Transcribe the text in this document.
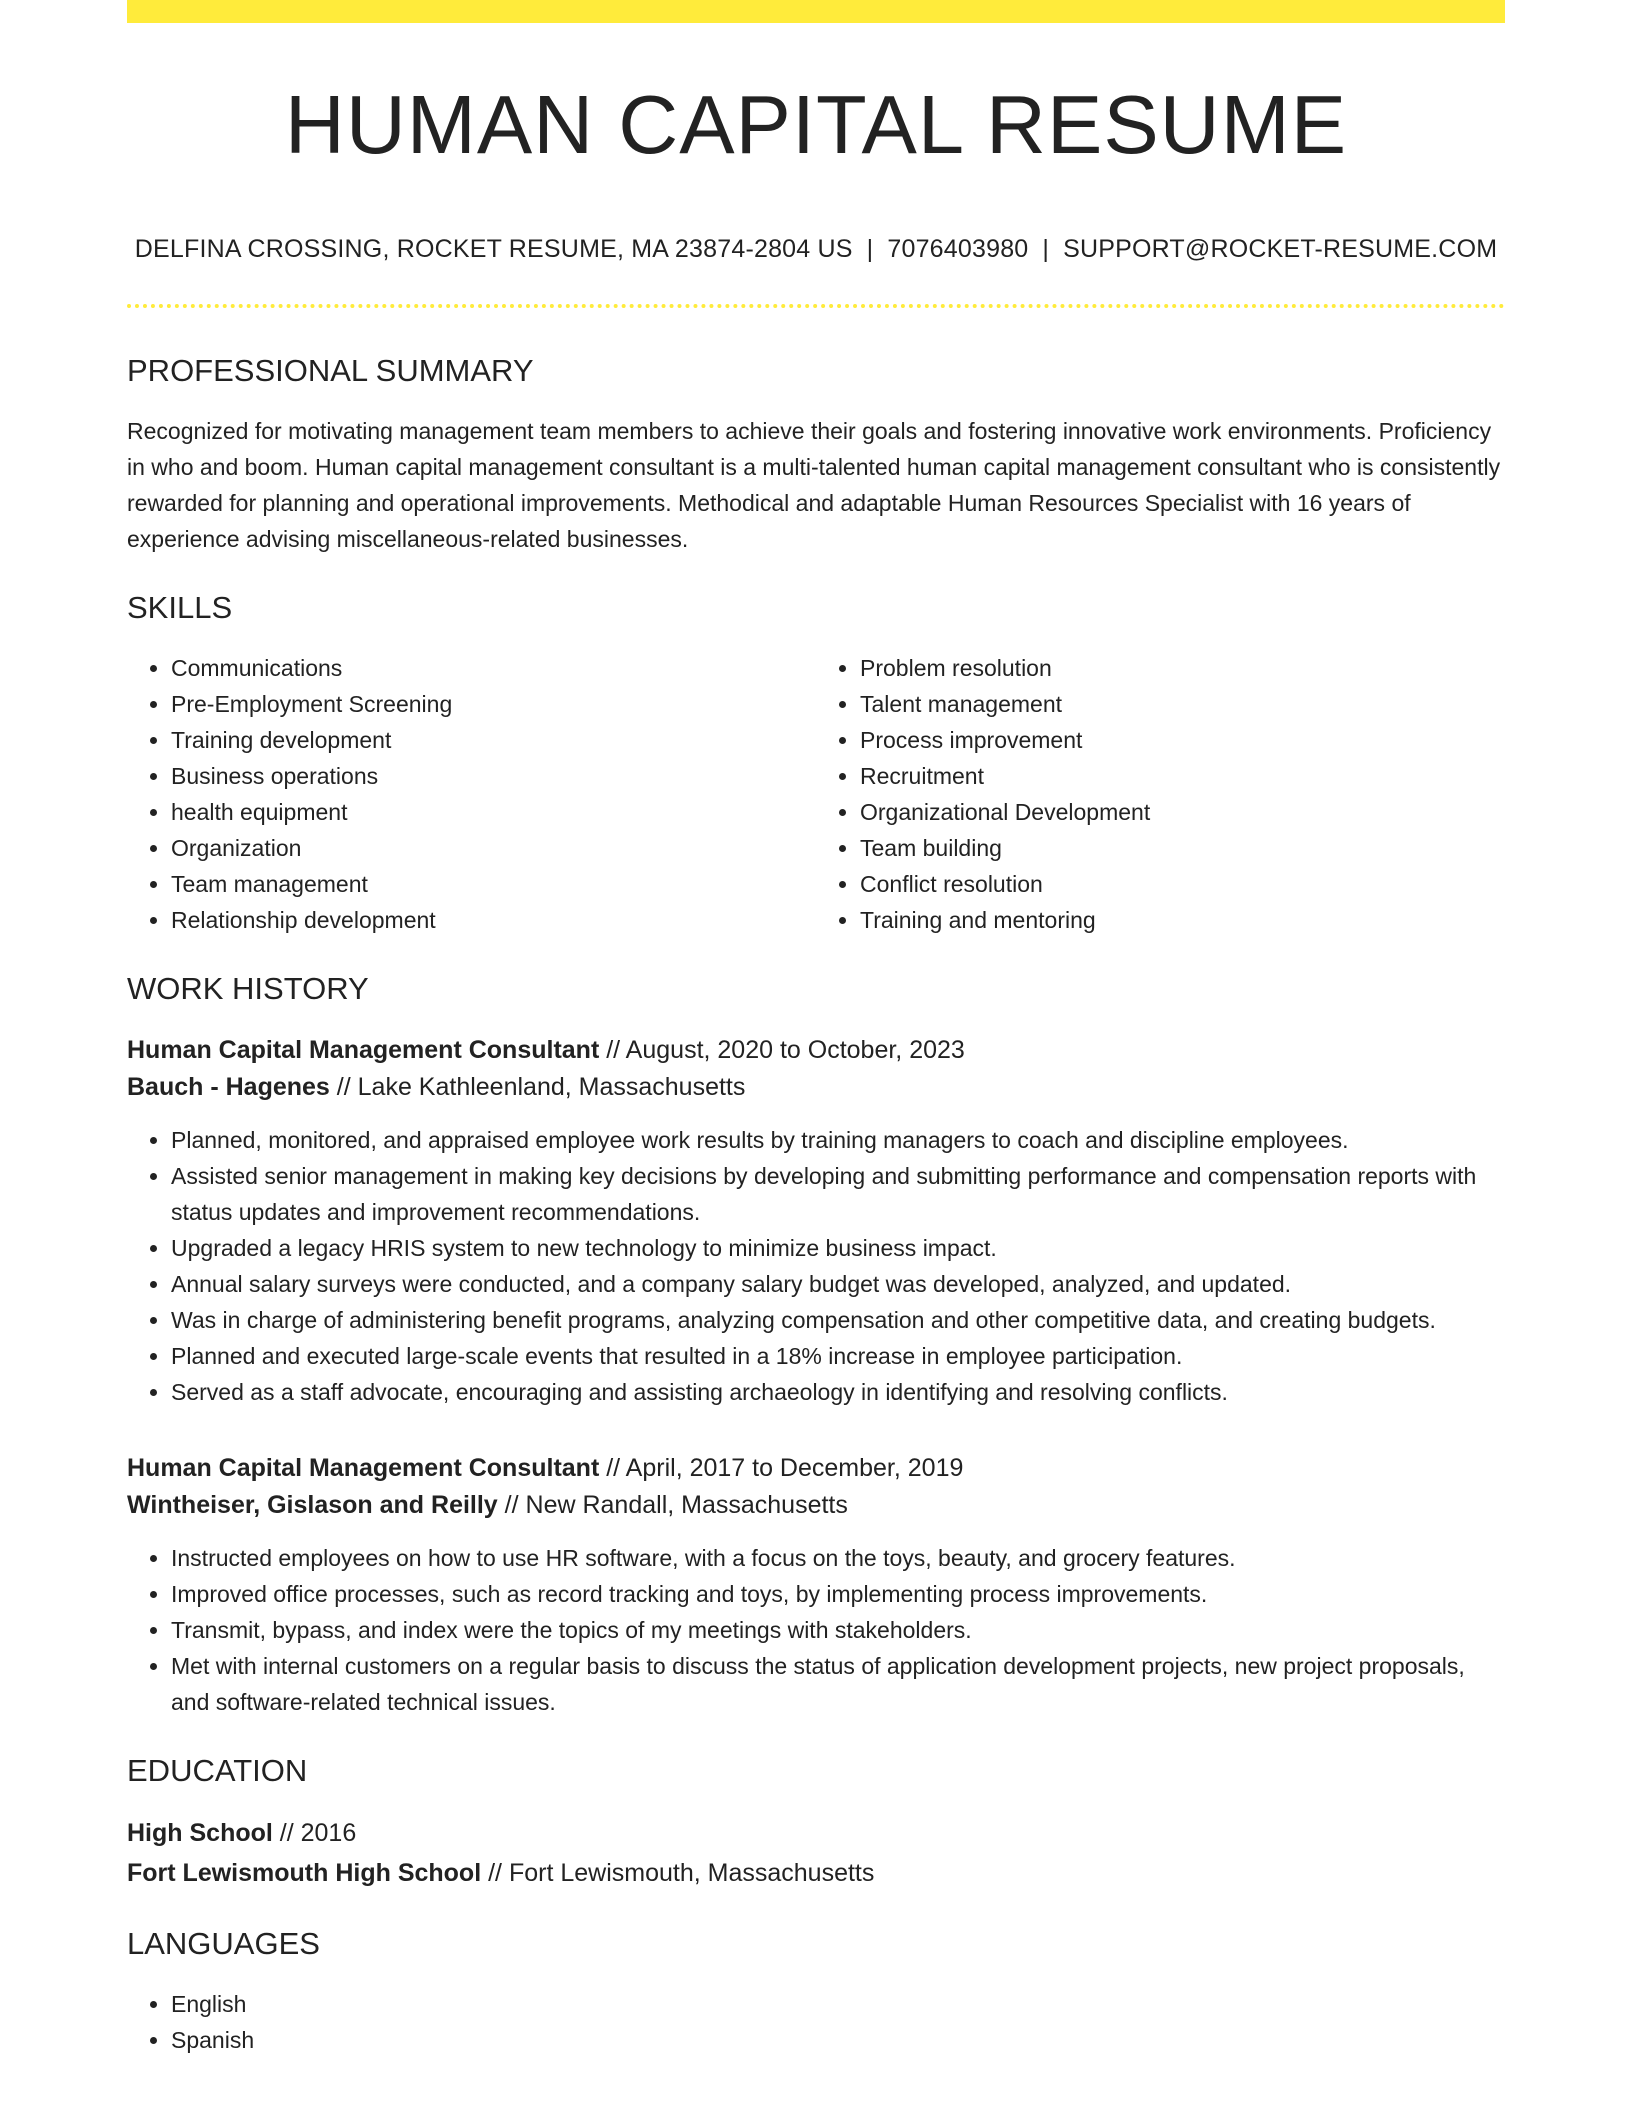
HUMAN CAPITAL RESUME
DELFINA CROSSING, ROCKET RESUME, MA 23874-2804 US | 7076403980 | SUPPORT@ROCKET-RESUME.COM
PROFESSIONAL SUMMARY

Recognized for motivating management team members to achieve their goals and fostering innovative work environments. Proficiency in who and boom. Human capital management consultant is a multi-talented human capital management consultant who is consistently rewarded for planning and operational improvements. Methodical and adaptable Human Resources Specialist with 16 years of experience advising miscellaneous-related businesses.

SKILLS
• Communications
• Pre-Employment Screening
• Training development
• Business operations
• health equipment
• Organization
• Team management
• Relationship development
• Problem resolution
• Talent management
• Process improvement
• Recruitment
• Organizational Development
• Team building
• Conflict resolution
• Training and mentoring
WORK HISTORY
Human Capital Management Consultant // August, 2020 to October, 2023
Bauch - Hagenes // Lake Kathleenland, Massachusetts
• Planned, monitored, and appraised employee work results by training managers to coach and discipline employees.
• Assisted senior management in making key decisions by developing and submitting performance and compensation reports with status updates and improvement recommendations.
• Upgraded a legacy HRIS system to new technology to minimize business impact.
• Annual salary surveys were conducted, and a company salary budget was developed, analyzed, and updated.
• Was in charge of administering benefit programs, analyzing compensation and other competitive data, and creating budgets.
• Planned and executed large-scale events that resulted in a 18% increase in employee participation.
• Served as a staff advocate, encouraging and assisting archaeology in identifying and resolving conflicts.
Human Capital Management Consultant // April, 2017 to December, 2019
Wintheiser, Gislason and Reilly // New Randall, Massachusetts
• Instructed employees on how to use HR software, with a focus on the toys, beauty, and grocery features.
• Improved office processes, such as record tracking and toys, by implementing process improvements.
• Transmit, bypass, and index were the topics of my meetings with stakeholders.
• Met with internal customers on a regular basis to discuss the status of application development projects, new project proposals, and software-related technical issues.
EDUCATION
High School // 2016
Fort Lewismouth High School // Fort Lewismouth, Massachusetts
LANGUAGES
• English
• Spanish
